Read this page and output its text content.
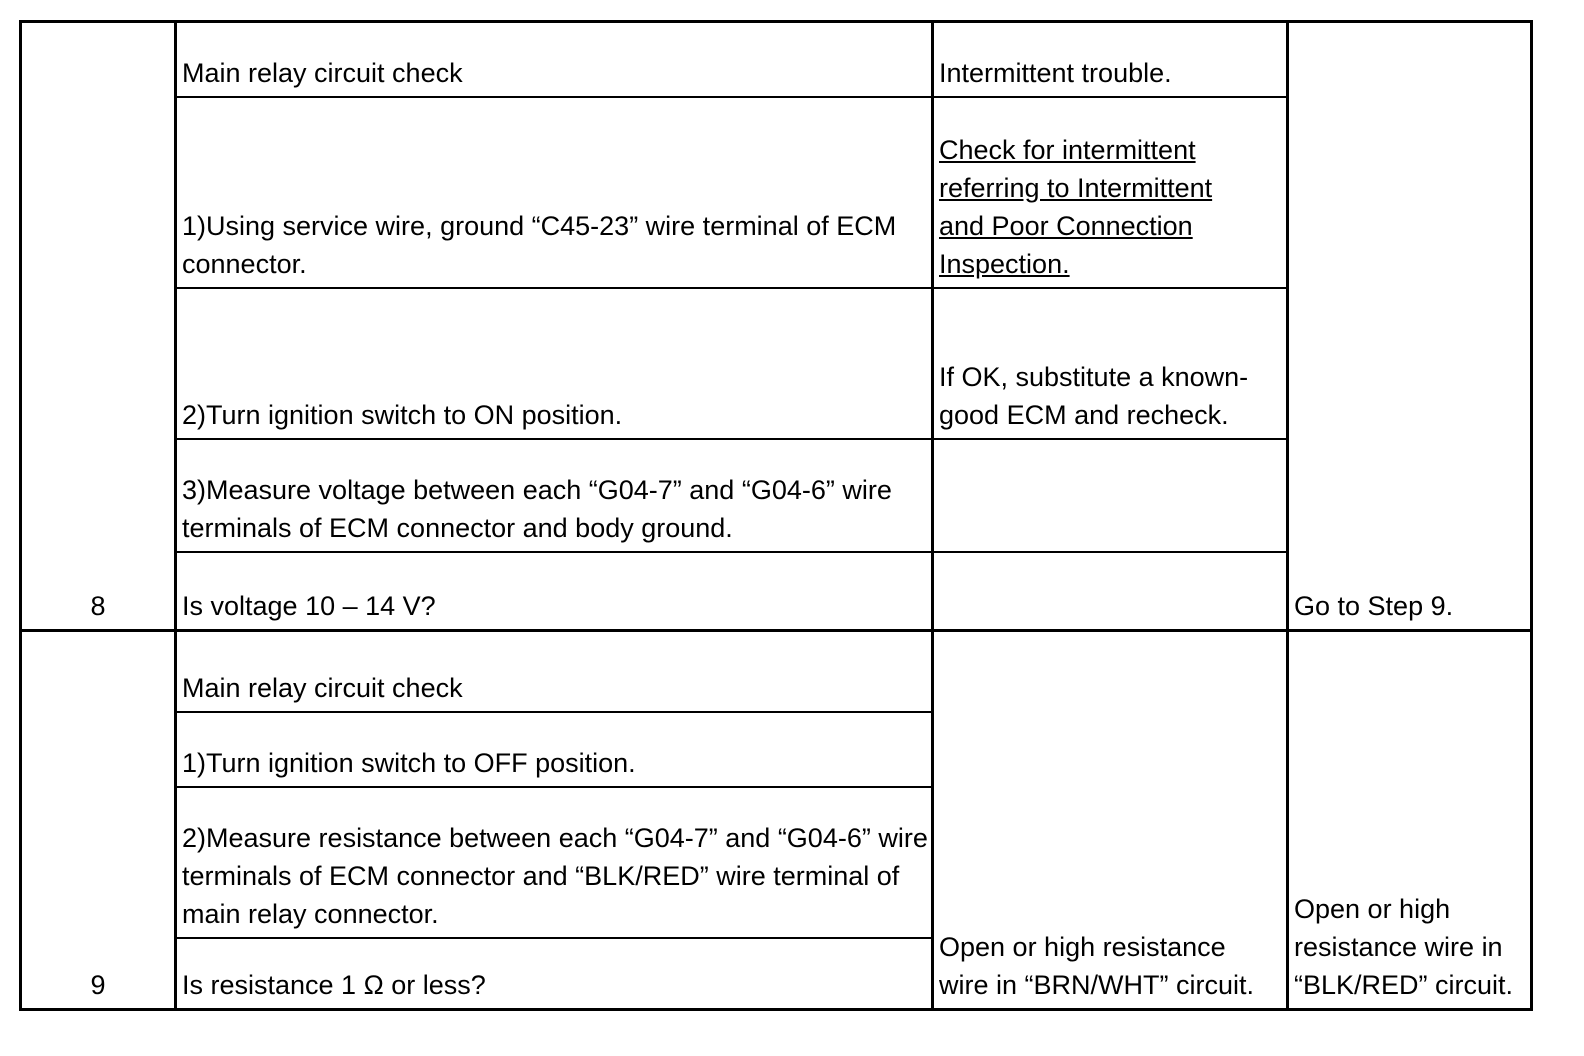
8
Main relay circuit check
1)Using service wire, ground “C45-23” wire terminal of ECM connector.
2)Turn ignition switch to ON position.
3)Measure voltage between each “G04-7” and “G04-6” wire terminals of ECM connector and body ground.
Is voltage 10 – 14 V?
Intermittent trouble.
Check for intermittent referring to Intermittent and Poor Connection Inspection.
If OK, substitute a known-good ECM and recheck.
Go to Step 9.
9
Main relay circuit check
1)Turn ignition switch to OFF position.
2)Measure resistance between each “G04-7” and “G04-6” wire terminals of ECM connector and “BLK/RED” wire terminal of main relay connector.
Is resistance 1 Ω or less?
Open or high resistance wire in “BRN/WHT” circuit.
Open or high resistance wire in “BLK/RED” circuit.
